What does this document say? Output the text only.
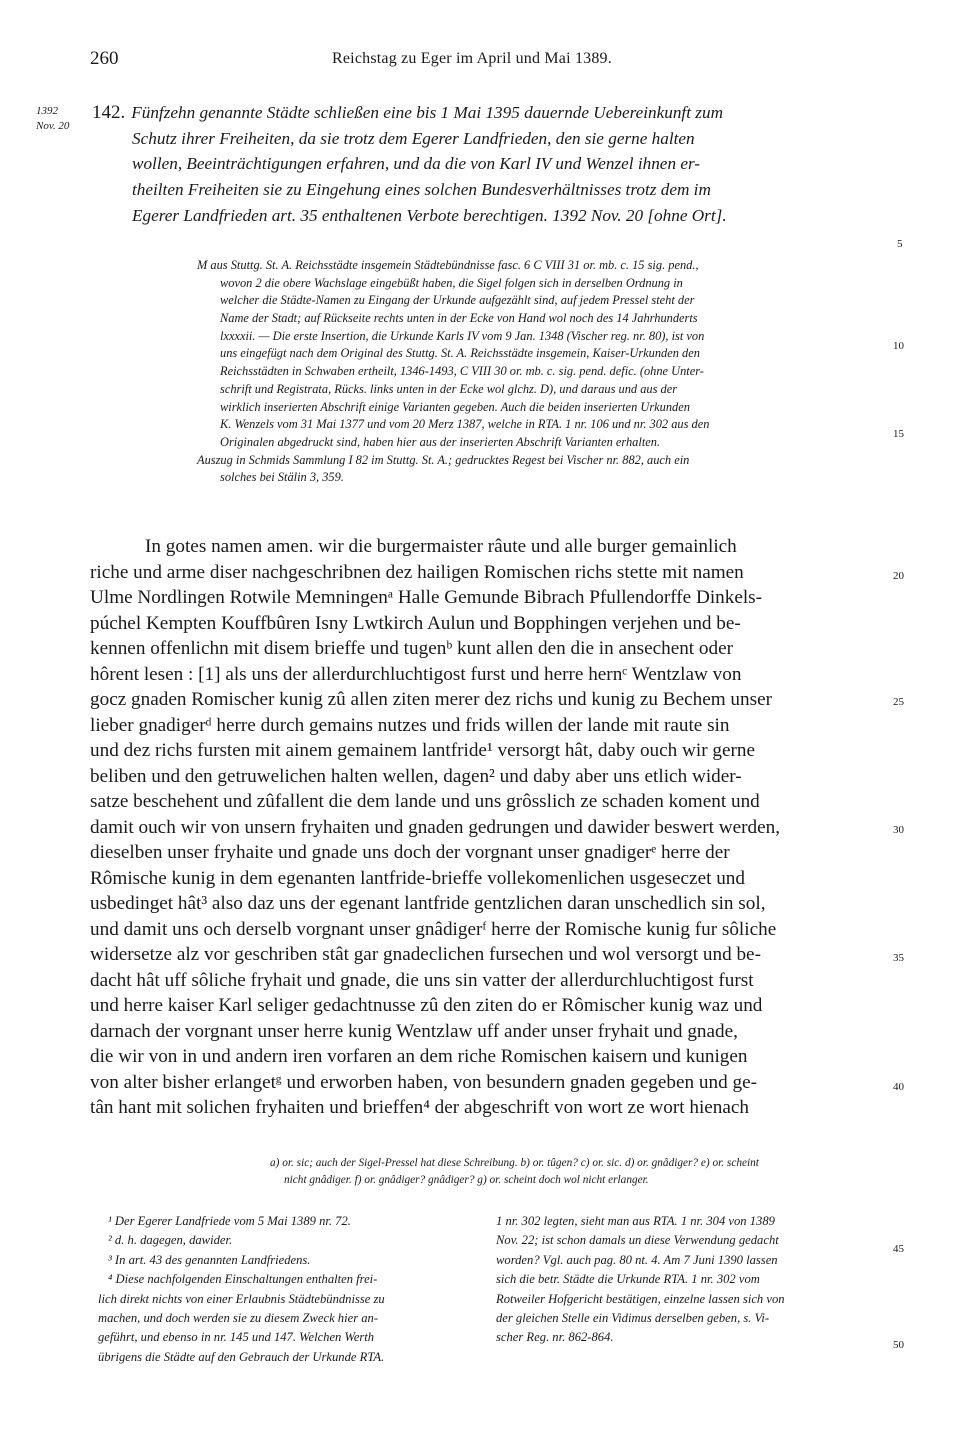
260	Reichstag zu Eger im April und Mai 1389.
1392
Nov. 20
142. Fünfzehn genannte Städte schließen eine bis 1 Mai 1395 dauernde Uebereinkunft zum
Schutz ihrer Freiheiten, da sie trotz dem Egerer Landfrieden, den sie gerne halten
wollen, Beeinträchtigungen erfahren, und da die von Karl IV und Wenzel ihnen er-
theilten Freiheiten sie zu Eingehung eines solchen Bundesverhältnisses trotz dem im
Egerer Landfrieden art. 35 enthaltenen Verbote berechtigen. 1392 Nov. 20 [ohne Ort].
M aus Stuttg. St. A. Reichsstädte insgemein Städtebündnisse fasc. 6 C VIII 31 or. mb. c. 15 sig. pend.,
wovon 2 die obere Wachslage eingebüßt haben, die Sigel folgen sich in derselben Ordnung in
welcher die Städte-Namen zu Eingang der Urkunde aufgezählt sind, auf jedem Pressel steht der
Name der Stadt; auf Rückseite rechts unten in der Ecke von Hand wol noch des 14 Jahrhunderts
lxxxxii. — Die erste Insertion, die Urkunde Karls IV vom 9 Jan. 1348 (Vischer reg. nr. 80), ist von
uns eingefügt nach dem Original des Stuttg. St. A. Reichsstädte insgemein, Kaiser-Urkunden den
Reichsstädten in Schwaben ertheilt, 1346-1493, C VIII 30 or. mb. c. sig. pend. defic. (ohne Unter-
schrift und Registrata, Rücks. links unten in der Ecke wol glchz. D), und daraus und aus der
wirklich inserierten Abschrift einige Varianten gegeben. Auch die beiden inserierten Urkunden
K. Wenzels vom 31 Mai 1377 und vom 20 Merz 1387, welche in RTA. 1 nr. 106 und nr. 302 aus den
Originalen abgedruckt sind, haben hier aus der inserierten Abschrift Varianten erhalten.
Auszug in Schmids Sammlung I 82 im Stuttg. St. A.; gedrucktes Regest bei Vischer nr. 882, auch ein
solches bei Stälin 3, 359.
In gotes namen amen. wir die burgermaister râute und alle burger gemainlich
riche und arme diser nachgeschribnen dez hailigen Romischen richs stette mit namen
Ulme Nordlingen Rotwile Memningenᵃ Halle Gemunde Bibrach Pfullendorffe Dinkels-
púchel Kempten Kouffbûren Isny Lwtkirch Aulun und Bopphingen verjehen und be-
kennen offenlichn mit disem brieffe und tugenᵇ kunt allen den die in ansechent oder
hôrent lesen : [1] als uns der allerdurchluchtigost furst und herre hernᶜ Wentzlaw von
gocz gnaden Romischer kunig zû allen ziten merer dez richs und kunig zu Bechem unser
lieber gnadigerᵈ herre durch gemains nutzes und frids willen der lande mit raute sin
und dez richs fursten mit ainem gemainem lantfride¹ versorgt hât, daby ouch wir gerne
beliben und den getruwelichen halten wellen, dagen² und daby aber uns etlich wider-
satze beschehent und zûfallent die dem lande und uns grôsslich ze schaden koment und
damit ouch wir von unsern fryhaiten und gnaden gedrungen und dawider beswert werden,
dieselben unser fryhaite und gnade uns doch der vorgnant unser gnadigerᵉ herre der
Rômische kunig in dem egenanten lantfride-brieffe vollekomenlichen usgeseczet und
usbedinget hât³ also daz uns der egenant lantfride gentzlichen daran unschedlich sin sol,
und damit uns och derselb vorgnant unser gnâdigerᶠ herre der Romische kunig fur sôliche
widersetze alz vor geschriben stât gar gnadeclichen fursechen und wol versorgt und be-
dacht hât uff sôliche fryhait und gnade, die uns sin vatter der allerdurchluchtigost furst
und herre kaiser Karl seliger gedachtnusse zû den ziten do er Rômischer kunig waz und
darnach der vorgnant unser herre kunig Wentzlaw uff ander unser fryhait und gnade,
die wir von in und andern iren vorfaren an dem riche Romischen kaisern und kunigen
von alter bisher erlangetᵍ und erworben haben, von besundern gnaden gegeben und ge-
tân hant mit solichen fryhaiten und brieffen⁴ der abgeschrift von wort ze wort hienach
5
10
15
20
25
30
35
40
45
50
a) or. sic; auch der Sigel-Pressel hat diese Schreibung. b) or. tûgen? c) or. sic. d) or. gnâdiger? e) or. scheint
nicht gnâdiger. f) or. gnâdiger? gnâdiger? g) or. scheint doch wol nicht erlanger.
¹ Der Egerer Landfriede vom 5 Mai 1389 nr. 72.
² d. h. dagegen, dawider.
³ In art. 43 des genannten Landfriedens.
⁴ Diese nachfolgenden Einschaltungen enthalten frei-
lich direkt nichts von einer Erlaubnis Städtebündnisse zu
machen, und doch werden sie zu diesem Zweck hier an-
geführt, und ebenso in nr. 145 und 147. Welchen Werth
übrigens die Städte auf den Gebrauch der Urkunde RTA.
1 nr. 302 legten, sieht man aus RTA. 1 nr. 304 von 1389
Nov. 22; ist schon damals un diese Verwendung gedacht
worden? Vgl. auch pag. 80 nt. 4. Am 7 Juni 1390 lassen
sich die betr. Städte die Urkunde RTA. 1 nr. 302 vom
Rotweiler Hofgericht bestätigen, einzelne lassen sich von
der gleichen Stelle ein Vidimus derselben geben, s. Vi-
scher Reg. nr. 862-864.
